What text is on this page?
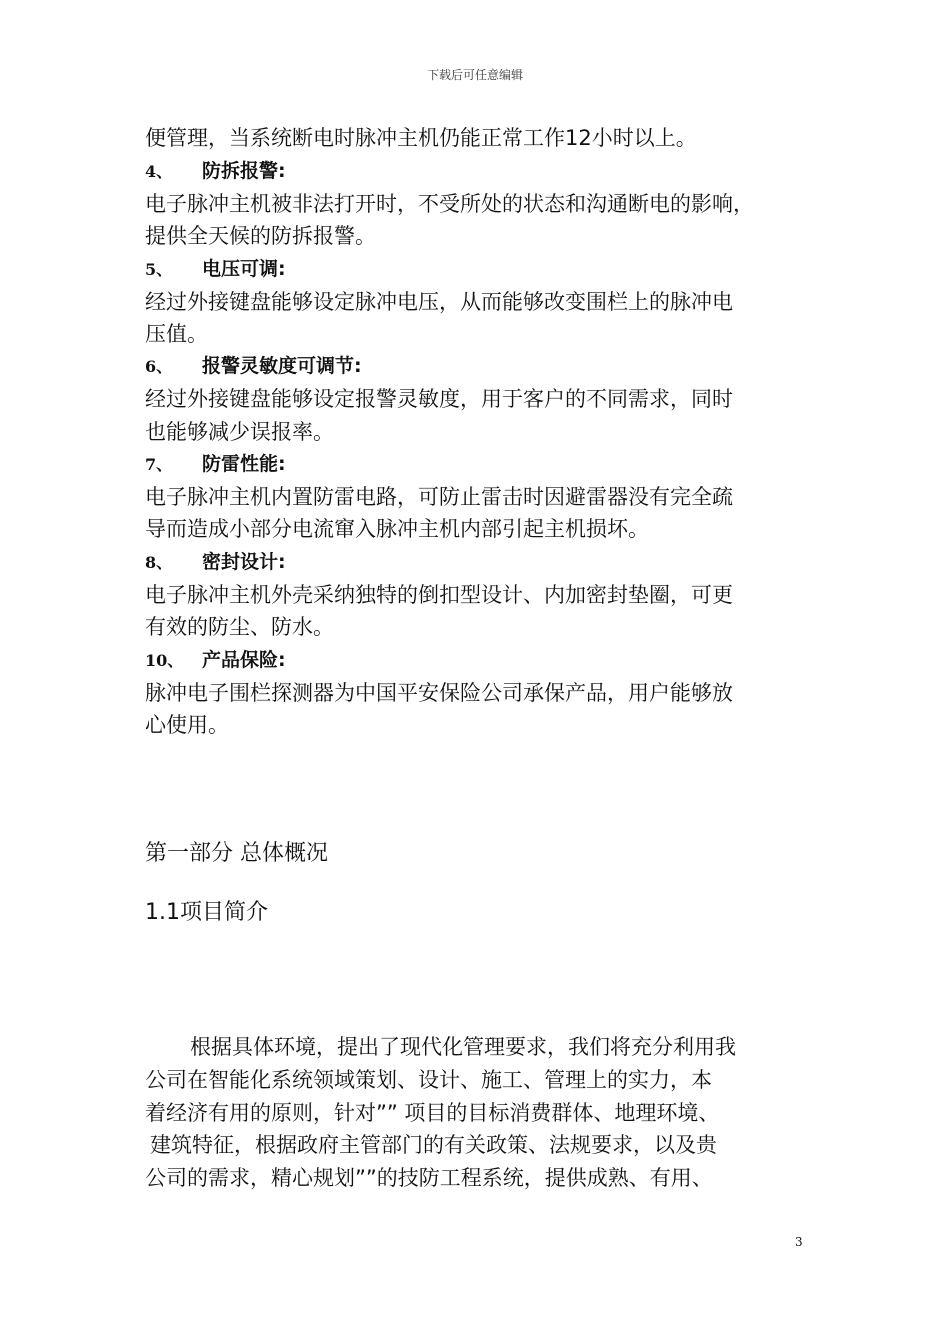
下载后可任意编辑
便管理，当系统断电时脉冲主机仍能正常工作12小时以上。
4、 防拆报警:
电子脉冲主机被非法打开时，不受所处的状态和沟通断电的影响，
提供全天候的防拆报警。
5、 电压可调:
经过外接键盘能够设定脉冲电压，从而能够改变围栏上的脉冲电
压值。
6、 报警灵敏度可调节:
经过外接键盘能够设定报警灵敏度，用于客户的不同需求，同时
也能够减少误报率。
7、 防雷性能:
电子脉冲主机内置防雷电路，可防止雷击时因避雷器没有完全疏
导而造成小部分电流窜入脉冲主机内部引起主机损坏。
8、 密封设计:
电子脉冲主机外壳采纳独特的倒扣型设计、内加密封垫圈，可更
有效的防尘、防水。
10、 产品保险:
脉冲电子围栏探测器为中国平安保险公司承保产品，用户能够放
心使用。
第一部分 总体概况
1.1项目简介
根据具体环境，提出了现代化管理要求，我们将充分利用我
公司在智能化系统领域策划、设计、施工、管理上的实力，本
着经济有用的原则，针对”” 项目的目标消费群体、地理环境、
建筑特征，根据政府主管部门的有关政策、法规要求，以及贵
公司的需求，精心规划””的技防工程系统，提供成熟、有用、
3
